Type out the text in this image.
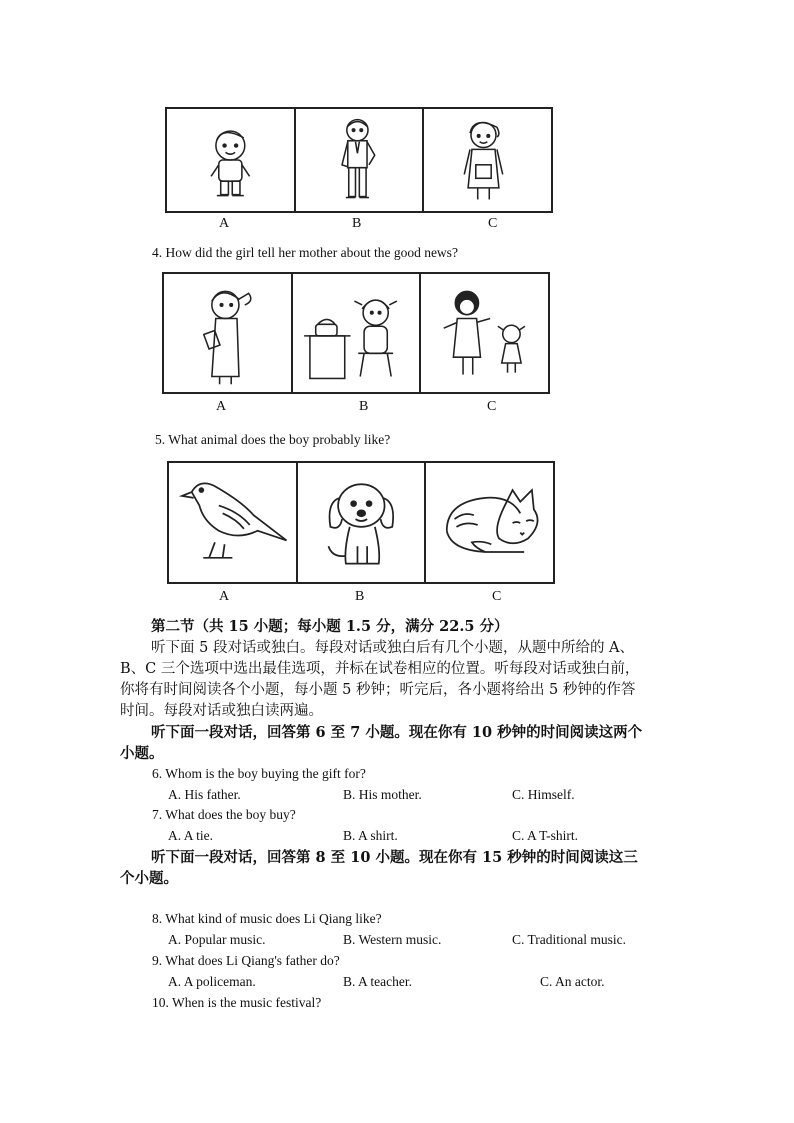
A	B	C
4. How did the girl tell her mother about the good news?
A	B	C
5. What animal does the boy probably like?
A	B	C
第二节（共 15 小题；每小题 1.5 分，满分 22.5 分）
听下面 5 段对话或独白。每段对话或独白后有几个小题，从题中所给的 A、
B、C 三个选项中选出最佳选项，并标在试卷相应的位置。听每段对话或独白前，
你将有时间阅读各个小题，每小题 5 秒钟；听完后，各小题将给出 5 秒钟的作答
时间。每段对话或独白读两遍。
听下面一段对话，回答第 6 至 7 小题。现在你有 10 秒钟的时间阅读这两个
小题。
6. Whom is the boy buying the gift for?
A. His father.	B. His mother.	C. Himself.
7. What does the boy buy?
A. A tie.	B. A shirt.	C. A T-shirt.
听下面一段对话，回答第 8 至 10 小题。现在你有 15 秒钟的时间阅读这三
个小题。
8. What kind of music does Li Qiang like?
A. Popular music.	B. Western music.	C. Traditional music.
9. What does Li Qiang's father do?
A. A policeman.	B. A teacher.	C. An actor.
10. When is the music festival?
